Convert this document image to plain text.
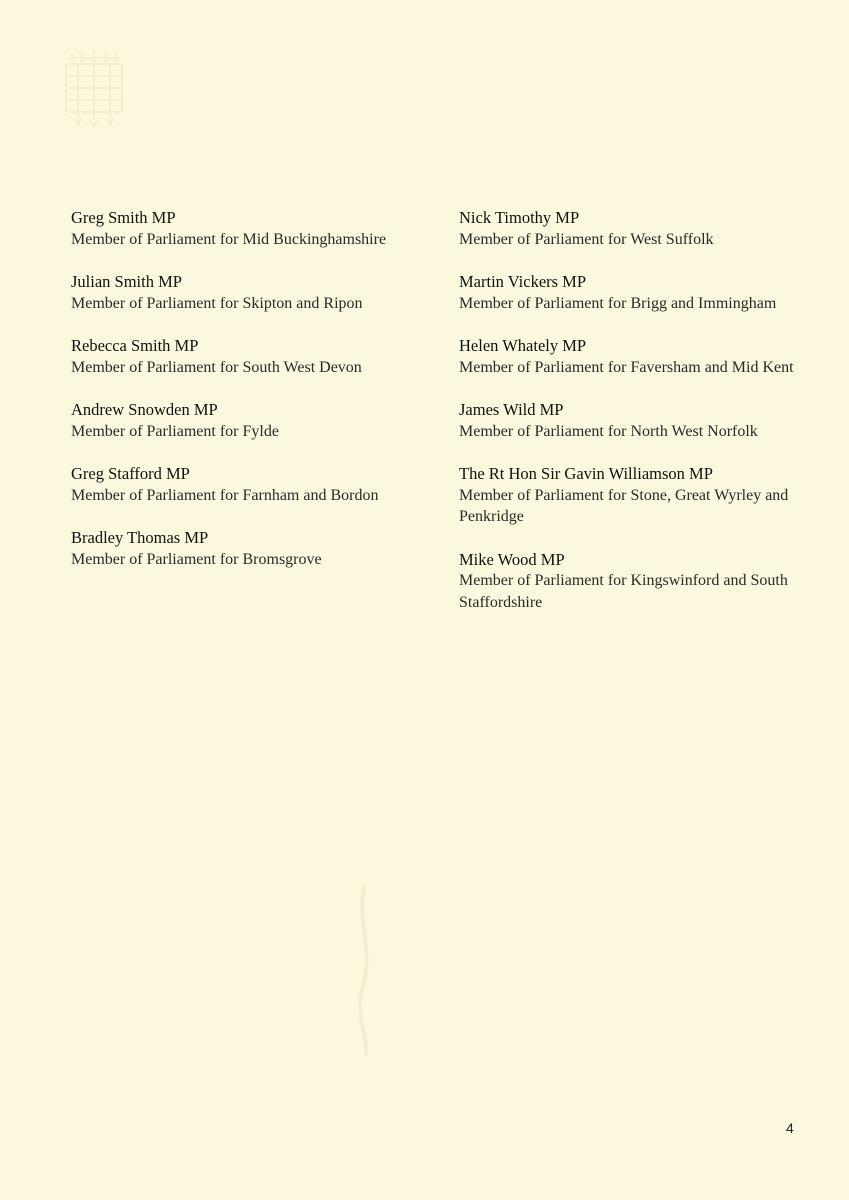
Greg Smith MP
Member of Parliament for Mid Buckinghamshire
Julian Smith MP
Member of Parliament for Skipton and Ripon
Rebecca Smith MP
Member of Parliament for South West Devon
Andrew Snowden MP
Member of Parliament for Fylde
Greg Stafford MP
Member of Parliament for Farnham and Bordon
Bradley Thomas MP
Member of Parliament for Bromsgrove
Nick Timothy MP
Member of Parliament for West Suffolk
Martin Vickers MP
Member of Parliament for Brigg and Immingham
Helen Whately MP
Member of Parliament for Faversham and Mid Kent
James Wild MP
Member of Parliament for North West Norfolk
The Rt Hon Sir Gavin Williamson MP
Member of Parliament for Stone, Great Wyrley and Penkridge
Mike Wood MP
Member of Parliament for Kingswinford and South Staffordshire
4
